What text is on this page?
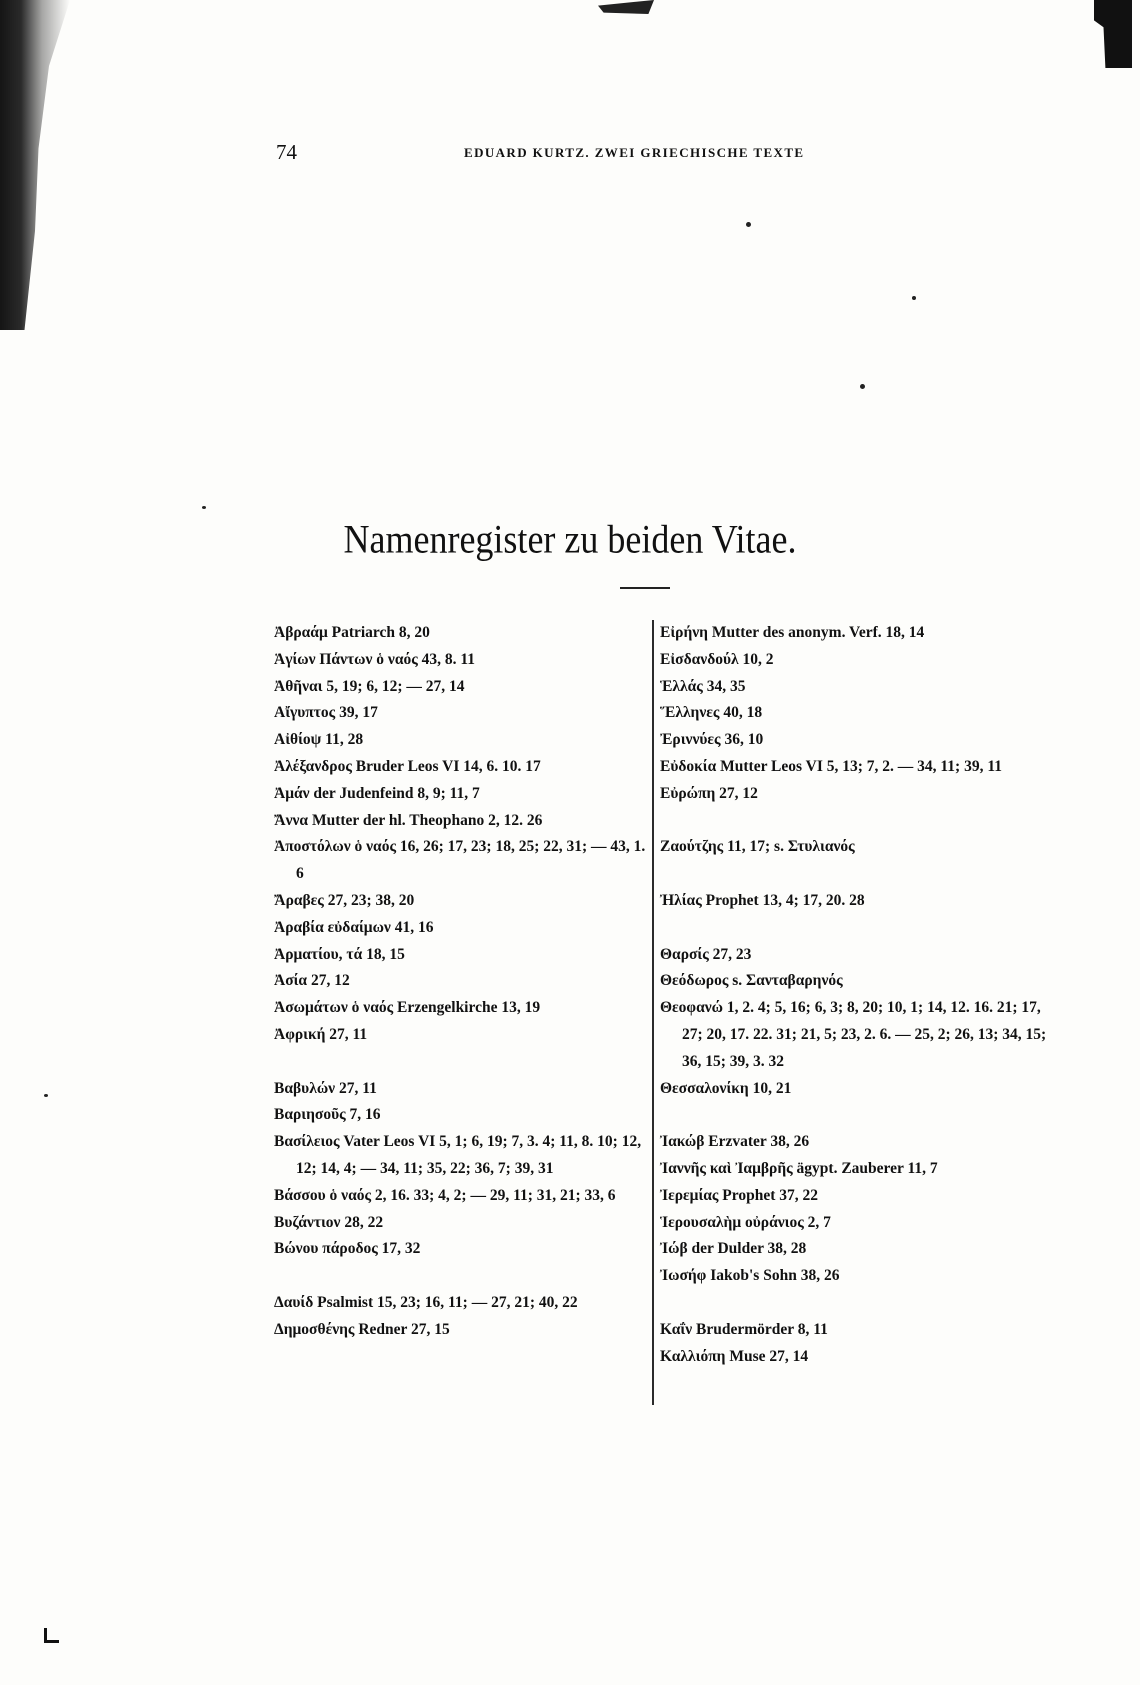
74	EDUARD KURTZ. ZWEI GRIECHISCHE TEXTE
Namenregister zu beiden Vitae.
Ἀβραάμ Patriarch 8, 20
Ἁγίων Πάντων ὁ ναός 43, 8. 11
Ἀθῆναι 5, 19; 6, 12; — 27, 14
Αἴγυπτος 39, 17
Αἰθίοψ 11, 28
Ἀλέξανδρος Bruder Leos VI 14, 6. 10. 17
Ἀμάν der Judenfeind 8, 9; 11, 7
Ἄννα Mutter der hl. Theophano 2, 12. 26
Ἀποστόλων ὁ ναός 16, 26; 17, 23; 18, 25; 22, 31; — 43, 1. 6
Ἄραβες 27, 23; 38, 20
Ἀραβία εὐδαίμων 41, 16
Ἀρματίου, τά 18, 15
Ἀσία 27, 12
Ἀσωμάτων ὁ ναός Erzengelkirche 13, 19
Ἀφρική 27, 11
Βαβυλών 27, 11
Βαριησοῦς 7, 16
Βασίλειος Vater Leos VI 5, 1; 6, 19; 7, 3. 4; 11, 8. 10; 12, 12; 14, 4; — 34, 11; 35, 22; 36, 7; 39, 31
Βάσσου ὁ ναός 2, 16. 33; 4, 2; — 29, 11; 31, 21; 33, 6
Βυζάντιον 28, 22
Βώνου πάροδος 17, 32
Δαυίδ Psalmist 15, 23; 16, 11; — 27, 21; 40, 22
Δημοσθένης Redner 27, 15
Εἰρήνη Mutter des anonym. Verf. 18, 14
Εἰσδανδούλ 10, 2
Ἑλλάς 34, 35
Ἕλληνες 40, 18
Ἐριννύες 36, 10
Εὐδοκία Mutter Leos VI 5, 13; 7, 2. — 34, 11; 39, 11
Εὐρώπη 27, 12
Ζαούτζης 11, 17; s. Στυλιανός
Ἠλίας Prophet 13, 4; 17, 20. 28
Θαρσίς 27, 23
Θεόδωρος s. Σανταβαρηνός
Θεοφανώ 1, 2. 4; 5, 16; 6, 3; 8, 20; 10, 1; 14, 12. 16. 21; 17, 27; 20, 17. 22. 31; 21, 5; 23, 2. 6. — 25, 2; 26, 13; 34, 15; 36, 15; 39, 3. 32
Θεσσαλονίκη 10, 21
Ἰακώβ Erzvater 38, 26
Ἰαννῆς καὶ Ἰαμβρῆς ägypt. Zauberer 11, 7
Ἰερεμίας Prophet 37, 22
Ἱερουσαλὴμ οὐράνιος 2, 7
Ἰώβ der Dulder 38, 28
Ἰωσήφ Iakob's Sohn 38, 26
Καΐν Brudermörder 8, 11
Καλλιόπη Muse 27, 14
